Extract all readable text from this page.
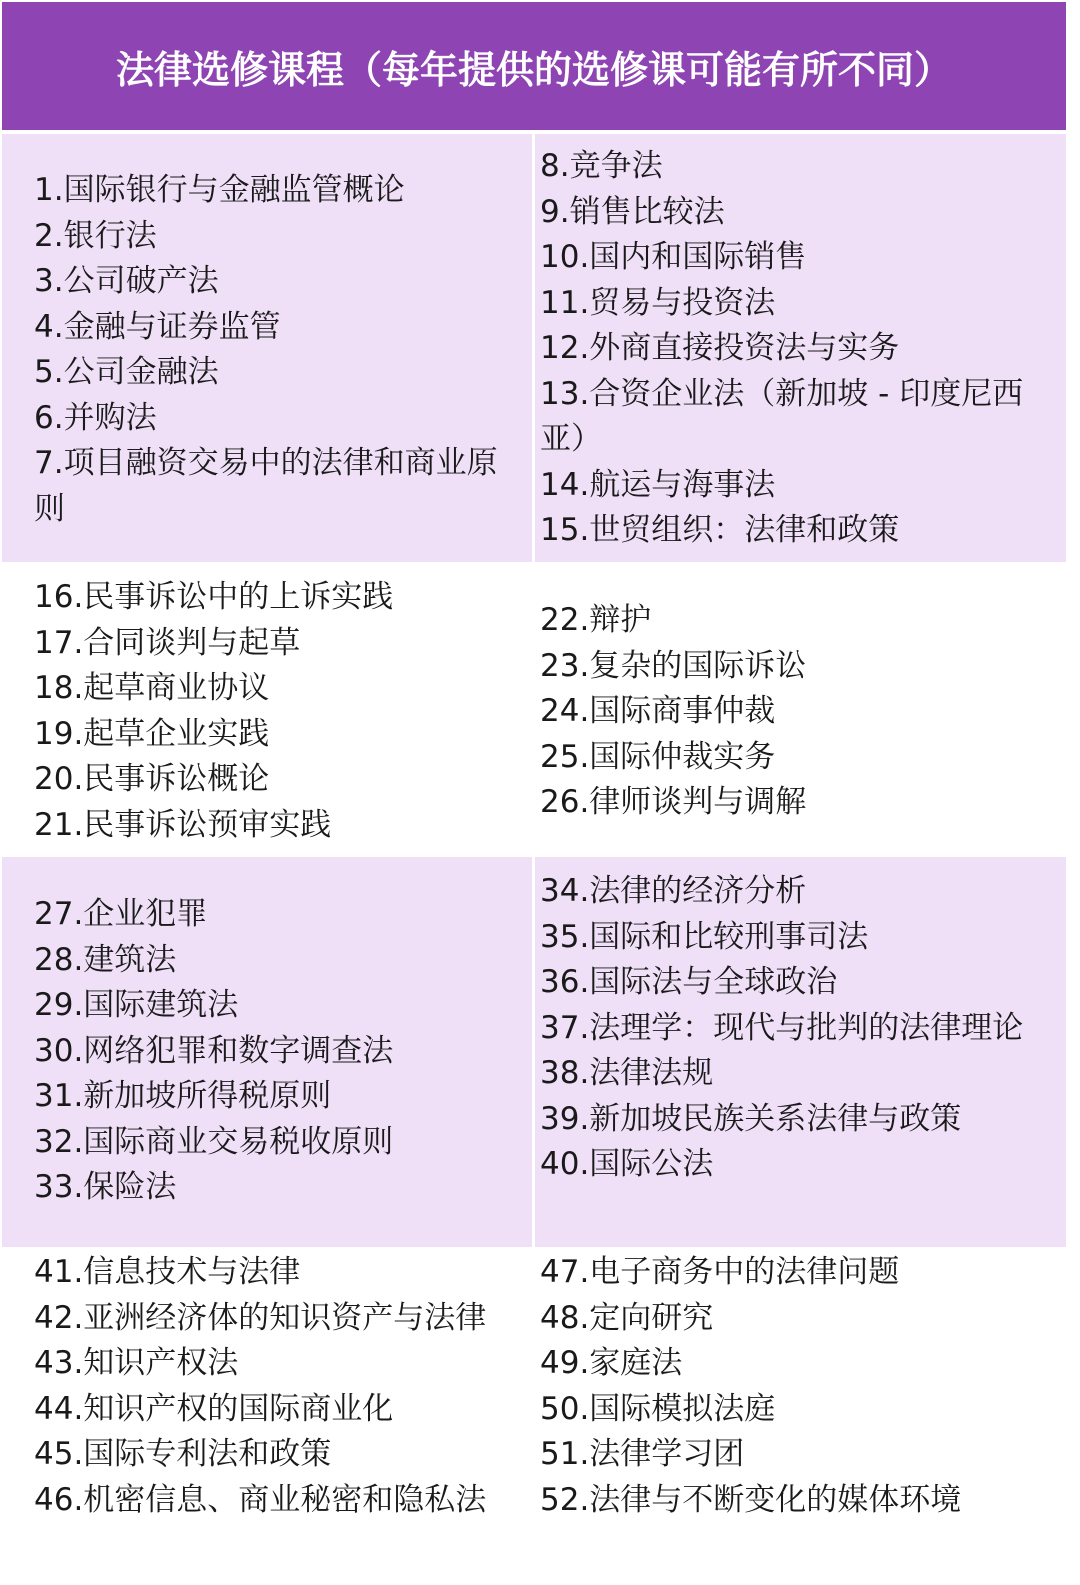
法律选修课程（每年提供的选修课可能有所不同）
1.国际银行与金融监管概论
2.银行法
3.公司破产法
4.金融与证券监管
5.公司金融法
6.并购法
7.项目融资交易中的法律和商业原则
8.竞争法
9.销售比较法
10.国内和国际销售
11.贸易与投资法
12.外商直接投资法与实务
13.合资企业法（新加坡 - 印度尼西亚）
14.航运与海事法
15.世贸组织：法律和政策
16.民事诉讼中的上诉实践
17.合同谈判与起草
18.起草商业协议
19.起草企业实践
20.民事诉讼概论
21.民事诉讼预审实践
22.辩护
23.复杂的国际诉讼
24.国际商事仲裁
25.国际仲裁实务
26.律师谈判与调解
27.企业犯罪
28.建筑法
29.国际建筑法
30.网络犯罪和数字调查法
31.新加坡所得税原则
32.国际商业交易税收原则
33.保险法
34.法律的经济分析
35.国际和比较刑事司法
36.国际法与全球政治
37.法理学：现代与批判的法律理论
38.法律法规
39.新加坡民族关系法律与政策
40.国际公法
41.信息技术与法律
42.亚洲经济体的知识资产与法律
43.知识产权法
44.知识产权的国际商业化
45.国际专利法和政策
46.机密信息、商业秘密和隐私法
47.电子商务中的法律问题
48.定向研究
49.家庭法
50.国际模拟法庭
51.法律学习团
52.法律与不断变化的媒体环境
